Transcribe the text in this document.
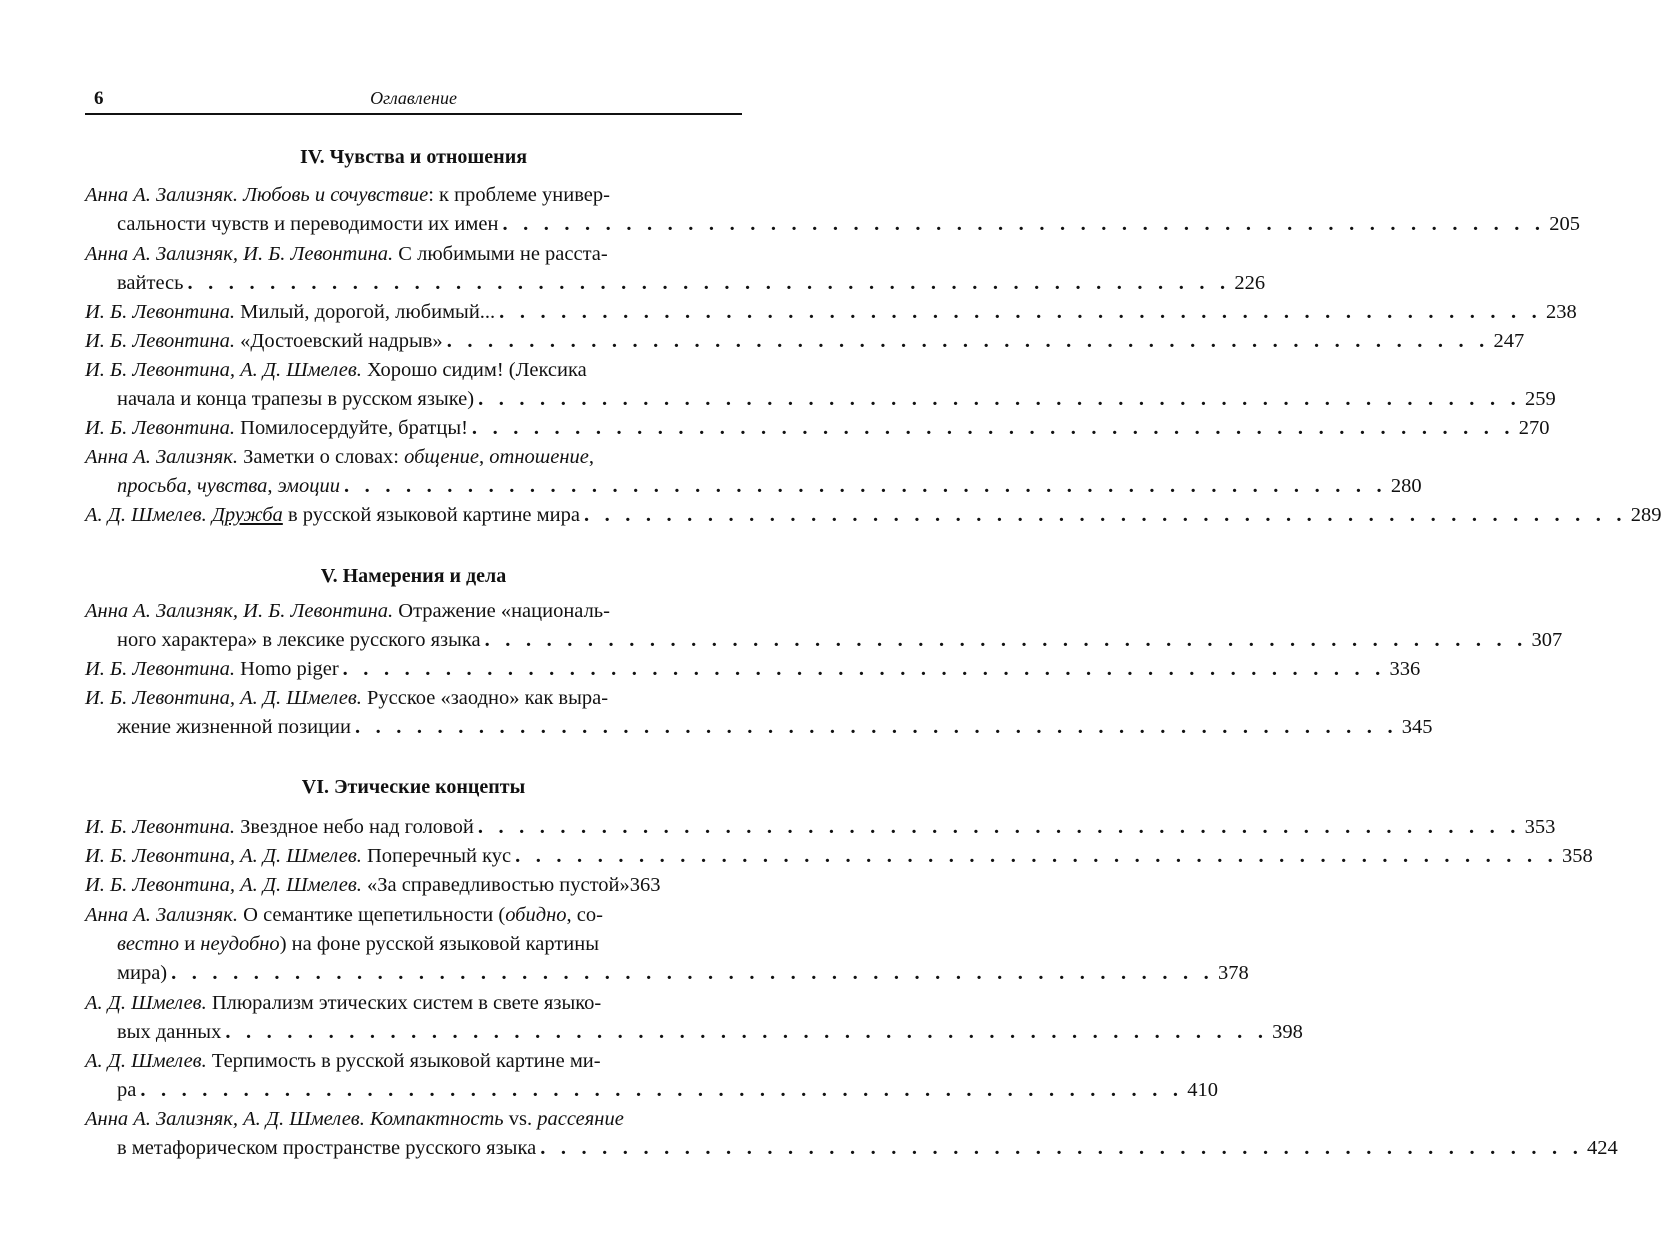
6	Оглавление
IV. Чувства и отношения
Анна А. Зализняк. Любовь и сочувствие: к проблеме универ-
сальности чувств и переводимости их имен . . . . . . . . . . . . . . . . . . . . . . . . . . . . . . . . . . . . . . . . . . . . . . . . . . . 205
Анна А. Зализняк, И. Б. Левонтина. С любимыми не расста-
вайтесь . . . . . . . . . . . . . . . . . . . . . . . . . . . . . . . . . . . . . . . . . . . . . . . . . . . 226
И. Б. Левонтина. Милый, дорогой, любимый... . . . . . . . . . . . . . . . . . . . . . . . . . . . . . . . . . . . . . . . . . . . . . . . . . . . 238
И. Б. Левонтина. «Достоевский надрыв» . . . . . . . . . . . . . . . . . . . . . . . . . . . . . . . . . . . . . . . . . . . . . . . . . . . 247
И. Б. Левонтина, А. Д. Шмелев. Хорошо сидим! (Лексика
начала и конца трапезы в русском языке) . . . . . . . . . . . . . . . . . . . . . . . . . . . . . . . . . . . . . . . . . . . . . . . . . . . 259
И. Б. Левонтина. Помилосердуйте, братцы! . . . . . . . . . . . . . . . . . . . . . . . . . . . . . . . . . . . . . . . . . . . . . . . . . . . 270
Анна А. Зализняк. Заметки о словах: общение, отношение,
просьба, чувства, эмоции . . . . . . . . . . . . . . . . . . . . . . . . . . . . . . . . . . . . . . . . . . . . . . . . . . . 280
А. Д. Шмелев. Дружба в русской языковой картине мира . . . . . . . . . . . . . . . . . . . . . . . . . . . . . . . . . . . . . . . . . . . . . . . . . . . 289
V. Намерения и дела
Анна А. Зализняк, И. Б. Левонтина. Отражение «националь-
ного характера» в лексике русского языка . . . . . . . . . . . . . . . . . . . . . . . . . . . . . . . . . . . . . . . . . . . . . . . . . . . 307
И. Б. Левонтина. Homo piger . . . . . . . . . . . . . . . . . . . . . . . . . . . . . . . . . . . . . . . . . . . . . . . . . . . 336
И. Б. Левонтина, А. Д. Шмелев. Русское «заодно» как выра-
жение жизненной позиции . . . . . . . . . . . . . . . . . . . . . . . . . . . . . . . . . . . . . . . . . . . . . . . . . . . 345
VI. Этические концепты
И. Б. Левонтина. Звездное небо над головой . . . . . . . . . . . . . . . . . . . . . . . . . . . . . . . . . . . . . . . . . . . . . . . . . . . 353
И. Б. Левонтина, А. Д. Шмелев. Поперечный кус . . . . . . . . . . . . . . . . . . . . . . . . . . . . . . . . . . . . . . . . . . . . . . . . . . . 358
И. Б. Левонтина, А. Д. Шмелев. «За справедливостью пустой» 363
Анна А. Зализняк. О семантике щепетильности (обидно, со-
вестно и неудобно) на фоне русской языковой картины
мира) . . . . . . . . . . . . . . . . . . . . . . . . . . . . . . . . . . . . . . . . . . . . . . . . . . . 378
А. Д. Шмелев. Плюрализм этических систем в свете языко-
вых данных . . . . . . . . . . . . . . . . . . . . . . . . . . . . . . . . . . . . . . . . . . . . . . . . . . . 398
А. Д. Шмелев. Терпимость в русской языковой картине ми-
ра . . . . . . . . . . . . . . . . . . . . . . . . . . . . . . . . . . . . . . . . . . . . . . . . . . . 410
Анна А. Зализняк, А. Д. Шмелев. Компактность vs. рассеяние
в метафорическом пространстве русского языка . . . . . . . . . . . . . . . . . . . . . . . . . . . . . . . . . . . . . . . . . . . . . . . . . . . 424
